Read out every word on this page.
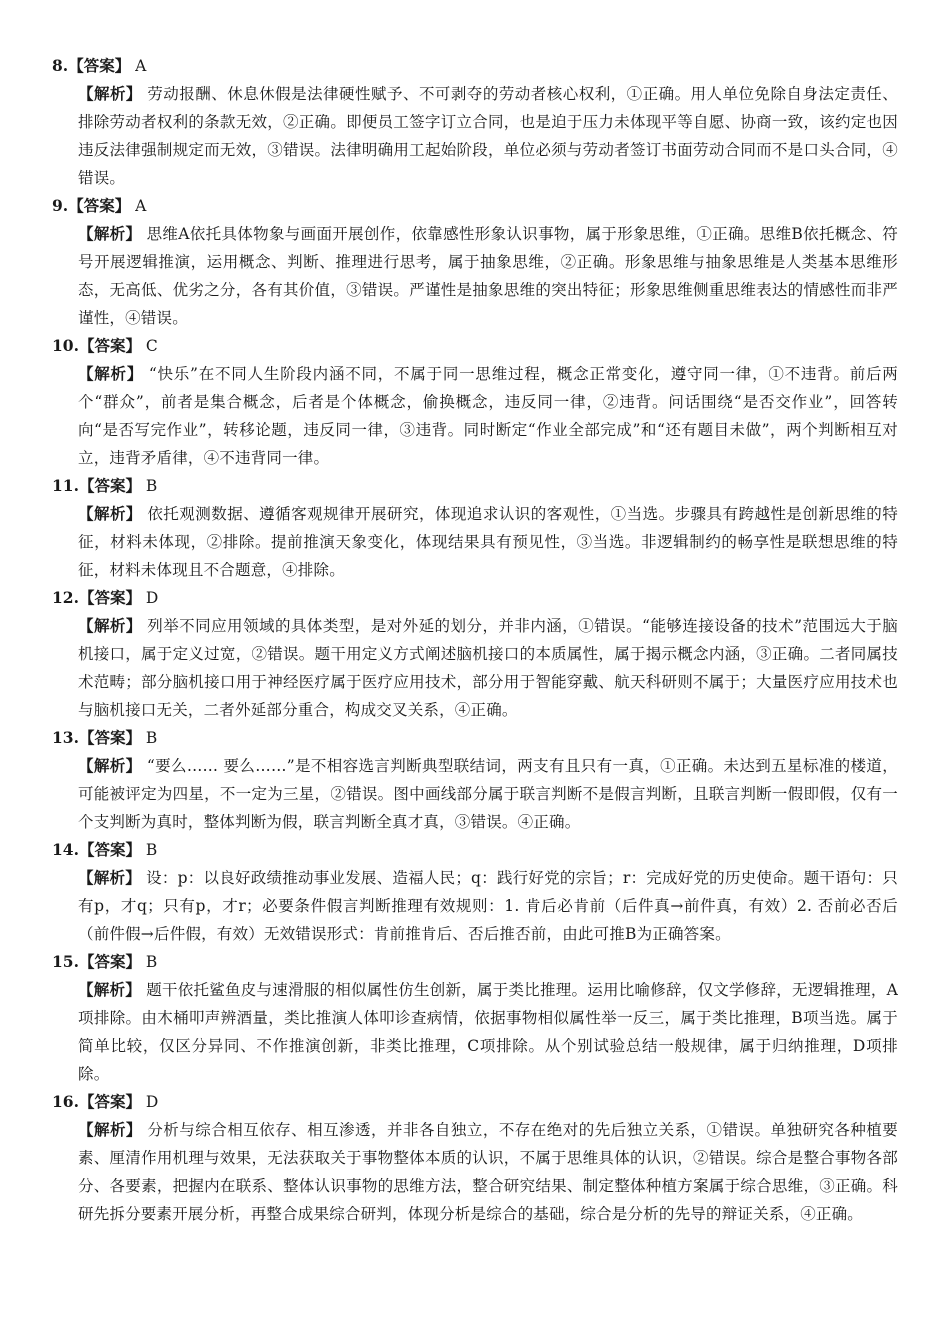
8.【答案】 A
【解析】 劳动报酬、休息休假是法律硬性赋予、不可剥夺的劳动者核心权利，①正确。用人单位免除自身法定责任、排除劳动者权利的条款无效，②正确。即便员工签字订立合同，也是迫于压力未体现平等自愿、协商一致，该约定也因违反法律强制规定而无效，③错误。法律明确用工起始阶段，单位必须与劳动者签订书面劳动合同而不是口头合同，④错误。
9.【答案】 A
【解析】 思维A依托具体物象与画面开展创作，依靠感性形象认识事物，属于形象思维，①正确。思维B依托概念、符号开展逻辑推演，运用概念、判断、推理进行思考，属于抽象思维，②正确。形象思维与抽象思维是人类基本思维形态，无高低、优劣之分，各有其价值，③错误。严谨性是抽象思维的突出特征；形象思维侧重思维表达的情感性而非严谨性，④错误。
10.【答案】 C
【解析】 “快乐”在不同人生阶段内涵不同，不属于同一思维过程，概念正常变化，遵守同一律，①不违背。前后两个“群众”，前者是集合概念，后者是个体概念，偷换概念，违反同一律，②违背。问话围绕“是否交作业”，回答转向“是否写完作业”，转移论题，违反同一律，③违背。同时断定“作业全部完成”和“还有题目未做”，两个判断相互对立，违背矛盾律，④不违背同一律。
11.【答案】 B
【解析】 依托观测数据、遵循客观规律开展研究，体现追求认识的客观性，①当选。步骤具有跨越性是创新思维的特征，材料未体现，②排除。提前推演天象变化，体现结果具有预见性，③当选。非逻辑制约的畅享性是联想思维的特征，材料未体现且不合题意，④排除。
12.【答案】 D
【解析】 列举不同应用领域的具体类型，是对外延的划分，并非内涵，①错误。“能够连接设备的技术”范围远大于脑机接口，属于定义过宽，②错误。题干用定义方式阐述脑机接口的本质属性，属于揭示概念内涵，③正确。二者同属技术范畴；部分脑机接口用于神经医疗属于医疗应用技术，部分用于智能穿戴、航天科研则不属于；大量医疗应用技术也与脑机接口无关，二者外延部分重合，构成交叉关系，④正确。
13.【答案】 B
【解析】 “要么…… 要么……”是不相容选言判断典型联结词，两支有且只有一真，①正确。未达到五星标准的楼道，可能被评定为四星，不一定为三星，②错误。图中画线部分属于联言判断不是假言判断，且联言判断一假即假，仅有一个支判断为真时，整体判断为假，联言判断全真才真，③错误。④正确。
14.【答案】 B
【解析】 设：p：以良好政绩推动事业发展、造福人民；q：践行好党的宗旨；r：完成好党的历史使命。题干语句：只有p，才q；只有p，才r；必要条件假言判断推理有效规则：1. 肯后必肯前（后件真→前件真，有效）2. 否前必否后（前件假→后件假，有效）无效错误形式：肯前推肯后、否后推否前，由此可推B为正确答案。
15.【答案】 B
【解析】 题干依托鲨鱼皮与速滑服的相似属性仿生创新，属于类比推理。运用比喻修辞，仅文学修辞，无逻辑推理，A项排除。由木桶叩声辨酒量，类比推演人体叩诊查病情，依据事物相似属性举一反三，属于类比推理，B项当选。属于简单比较，仅区分异同、不作推演创新，非类比推理，C项排除。从个别试验总结一般规律，属于归纳推理，D项排除。
16.【答案】 D
【解析】 分析与综合相互依存、相互渗透，并非各自独立，不存在绝对的先后独立关系，①错误。单独研究各种植要素、厘清作用机理与效果，无法获取关于事物整体本质的认识，不属于思维具体的认识，②错误。综合是整合事物各部分、各要素，把握内在联系、整体认识事物的思维方法，整合研究结果、制定整体种植方案属于综合思维，③正确。科研先拆分要素开展分析，再整合成果综合研判，体现分析是综合的基础，综合是分析的先导的辩证关系，④正确。
